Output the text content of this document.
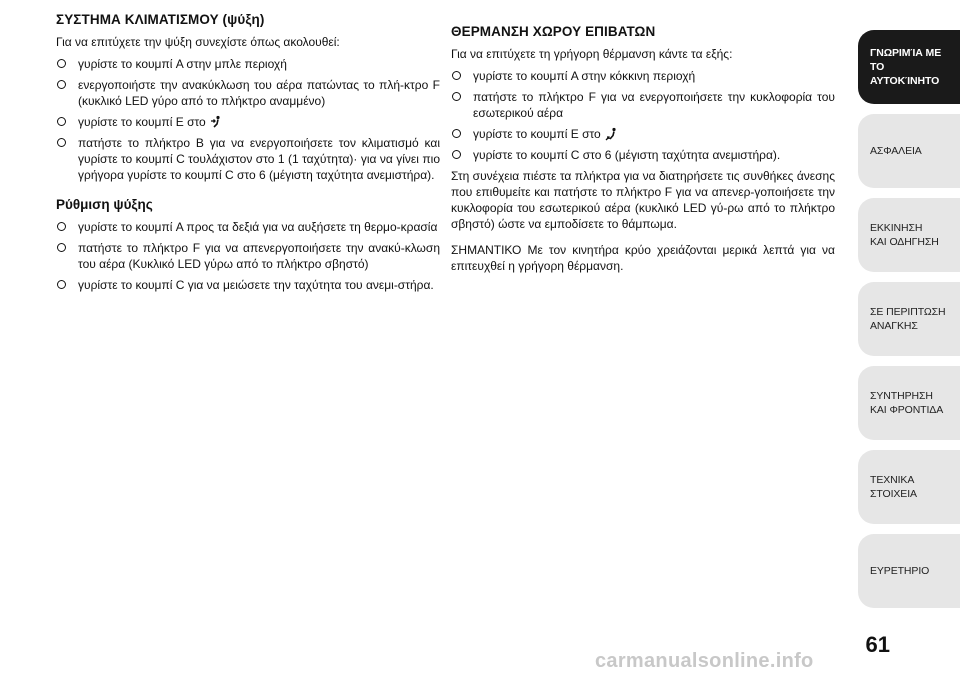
ΣΥΣΤΗΜΑ ΚΛΙΜΑΤΙΣΜΟΥ (ψύξη)

Για να επιτύχετε την ψύξη συνεχίστε όπως ακολουθεί:

γυρίστε το κουμπί A στην μπλε περιοχή
ενεργοποιήστε την ανακύκλωση του αέρα πατώντας το πλή-κτρο F (κυκλικό LED γύρο από το πλήκτρο αναμμένο)
γυρίστε το κουμπί E στο
πατήστε το πλήκτρο B για να ενεργοποιήσετε τον κλιματισμό και γυρίστε το κουμπί C τουλάχιστον στο 1 (1 ταχύτητα)· για να γίνει πιο γρήγορα γυρίστε το κουμπί C στο 6 (μέγιστη ταχύτητα ανεμιστήρα).
Ρύθμιση ψύξης
γυρίστε το κουμπί A προς τα δεξιά για να αυξήσετε τη θερμο-κρασία
πατήστε το πλήκτρο F για να απενεργοποιήσετε την ανακύ-κλωση του αέρα (Κυκλικό LED γύρω από το πλήκτρο σβηστό)
γυρίστε το κουμπί C για να μειώσετε την ταχύτητα του ανεμι-στήρα.
ΘΕΡΜΑΝΣΗ ΧΩΡΟΥ ΕΠΙΒΑΤΩΝ

Για να επιτύχετε τη γρήγορη θέρμανση κάντε τα εξής:

γυρίστε το κουμπί A στην κόκκινη περιοχή
πατήστε το πλήκτρο F για να ενεργοποιήσετε την κυκλοφορία του εσωτερικού αέρα
γυρίστε το κουμπί E στο
γυρίστε το κουμπί C στο 6 (μέγιστη ταχύτητα ανεμιστήρα).

Στη συνέχεια πιέστε τα πλήκτρα για να διατηρήσετε τις συνθήκες άνεσης που επιθυμείτε και πατήστε το πλήκτρο F για να απενερ-γοποιήσετε την κυκλοφορία του εσωτερικού αέρα (κυκλικό LED γύ-ρω από το πλήκτρο σβηστό) ώστε να εμποδίσετε το θάμπωμα.

ΣΗΜΑΝΤΙΚΟ Με τον κινητήρα κρύο χρειάζονται μερικά λεπτά για να επιτευχθεί η γρήγορη θέρμανση.

ΓΝΩΡΙΜΊΑ ΜΕ ΤΟ
ΑΥΤΟΚΊΝΗΤΟ
ΑΣΦΑΛΕΙΑ
ΕΚΚΙΝΗΣΗ
ΚΑΙ ΟΔΗΓΗΣΗ
ΣΕ ΠΕΡΙΠΤΩΣΗ
ΑΝΑΓΚΗΣ
ΣΥΝΤΗΡΗΣΗ
ΚΑΙ ΦΡΟΝΤΙΔΑ
ΤΕΧΝΙΚΑ
ΣΤΟΙΧΕΙΑ
ΕΥΡΕΤΗΡΙΟ
61
carmanualsonline.info
